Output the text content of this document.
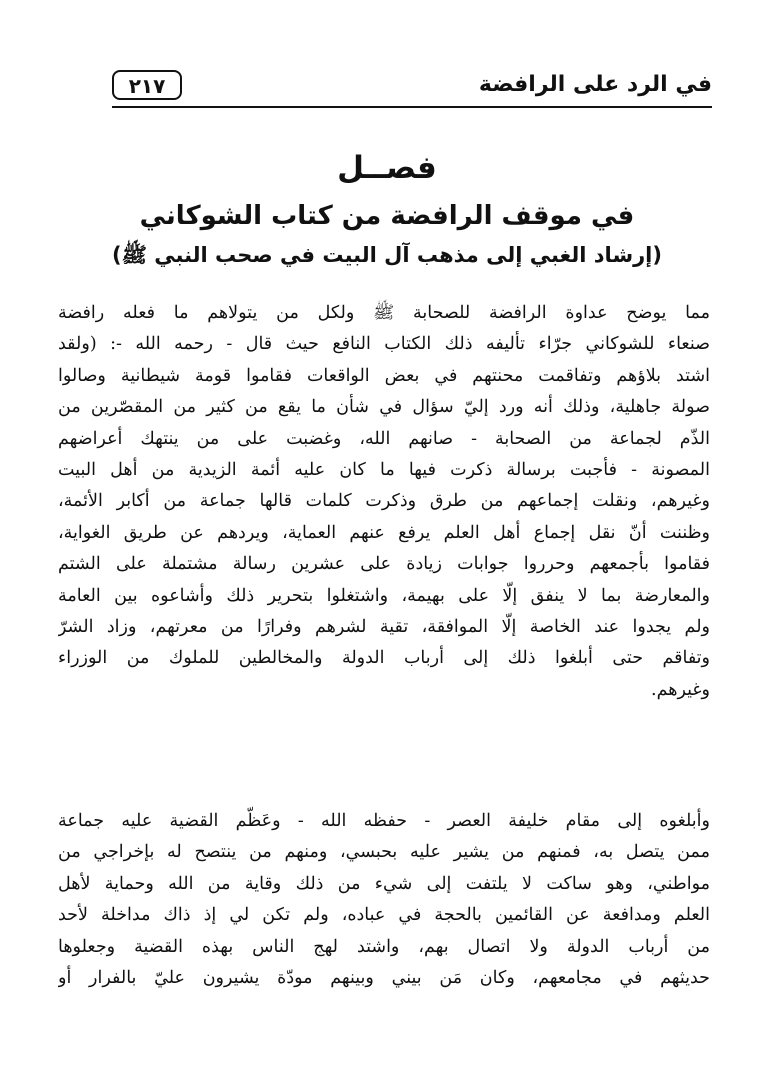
في الرد على الرافضة
٢١٧
فصــل
في موقف الرافضة من كتاب الشوكاني
(إرشاد الغبي إلى مذهب آل البيت في صحب النبي ﷺ)
مما يوضح عداوة الرافضة للصحابة ﷺ ولكل من يتولاهم ما فعله رافضة
صنعاء للشوكاني جرّاء تأليفه ذلك الكتاب النافع حيث قال - رحمه الله -: (ولقد
اشتد بلاؤهم وتفاقمت محنتهم في بعض الواقعات فقاموا قومة شيطانية وصالوا
صولة جاهلية، وذلك أنه ورد إليّ سؤال في شأن ما يقع من كثير من المقصّرين من
الذّم لجماعة من الصحابة - صانهم الله، وغضبت على من ينتهك أعراضهم
المصونة - فأجبت برسالة ذكرت فيها ما كان عليه أئمة الزيدية من أهل البيت
وغيرهم، ونقلت إجماعهم من طرق وذكرت كلمات قالها جماعة من أكابر الأئمة،
وظننت أنّ نقل إجماع أهل العلم يرفع عنهم العماية، ويردهم عن طريق الغواية،
فقاموا بأجمعهم وحرروا جوابات زيادة على عشرين رسالة مشتملة على الشتم
والمعارضة بما لا ينفق إلّا على بهيمة، واشتغلوا بتحرير ذلك وأشاعوه بين العامة
ولم يجدوا عند الخاصة إلّا الموافقة، تقية لشرهم وفرارًا من معرتهم، وزاد الشرّ
وتفاقم حتى أبلغوا ذلك إلى أرباب الدولة والمخالطين للملوك من الوزراء
وغيرهم.
وأبلغوه إلى مقام خليفة العصر - حفظه الله - وعَظّم القضية عليه جماعة
ممن يتصل به، فمنهم من يشير عليه بحبسي، ومنهم من ينتصح له بإخراجي من
مواطني، وهو ساكت لا يلتفت إلى شيء من ذلك وقاية من الله وحماية لأهل
العلم ومدافعة عن القائمين بالحجة في عباده، ولم تكن لي إذ ذاك مداخلة لأحد
من أرباب الدولة ولا اتصال بهم، واشتد لهج الناس بهذه القضية وجعلوها
حديثهم في مجامعهم، وكان مَن بيني وبينهم مودّة يشيرون عليّ بالفرار أو
